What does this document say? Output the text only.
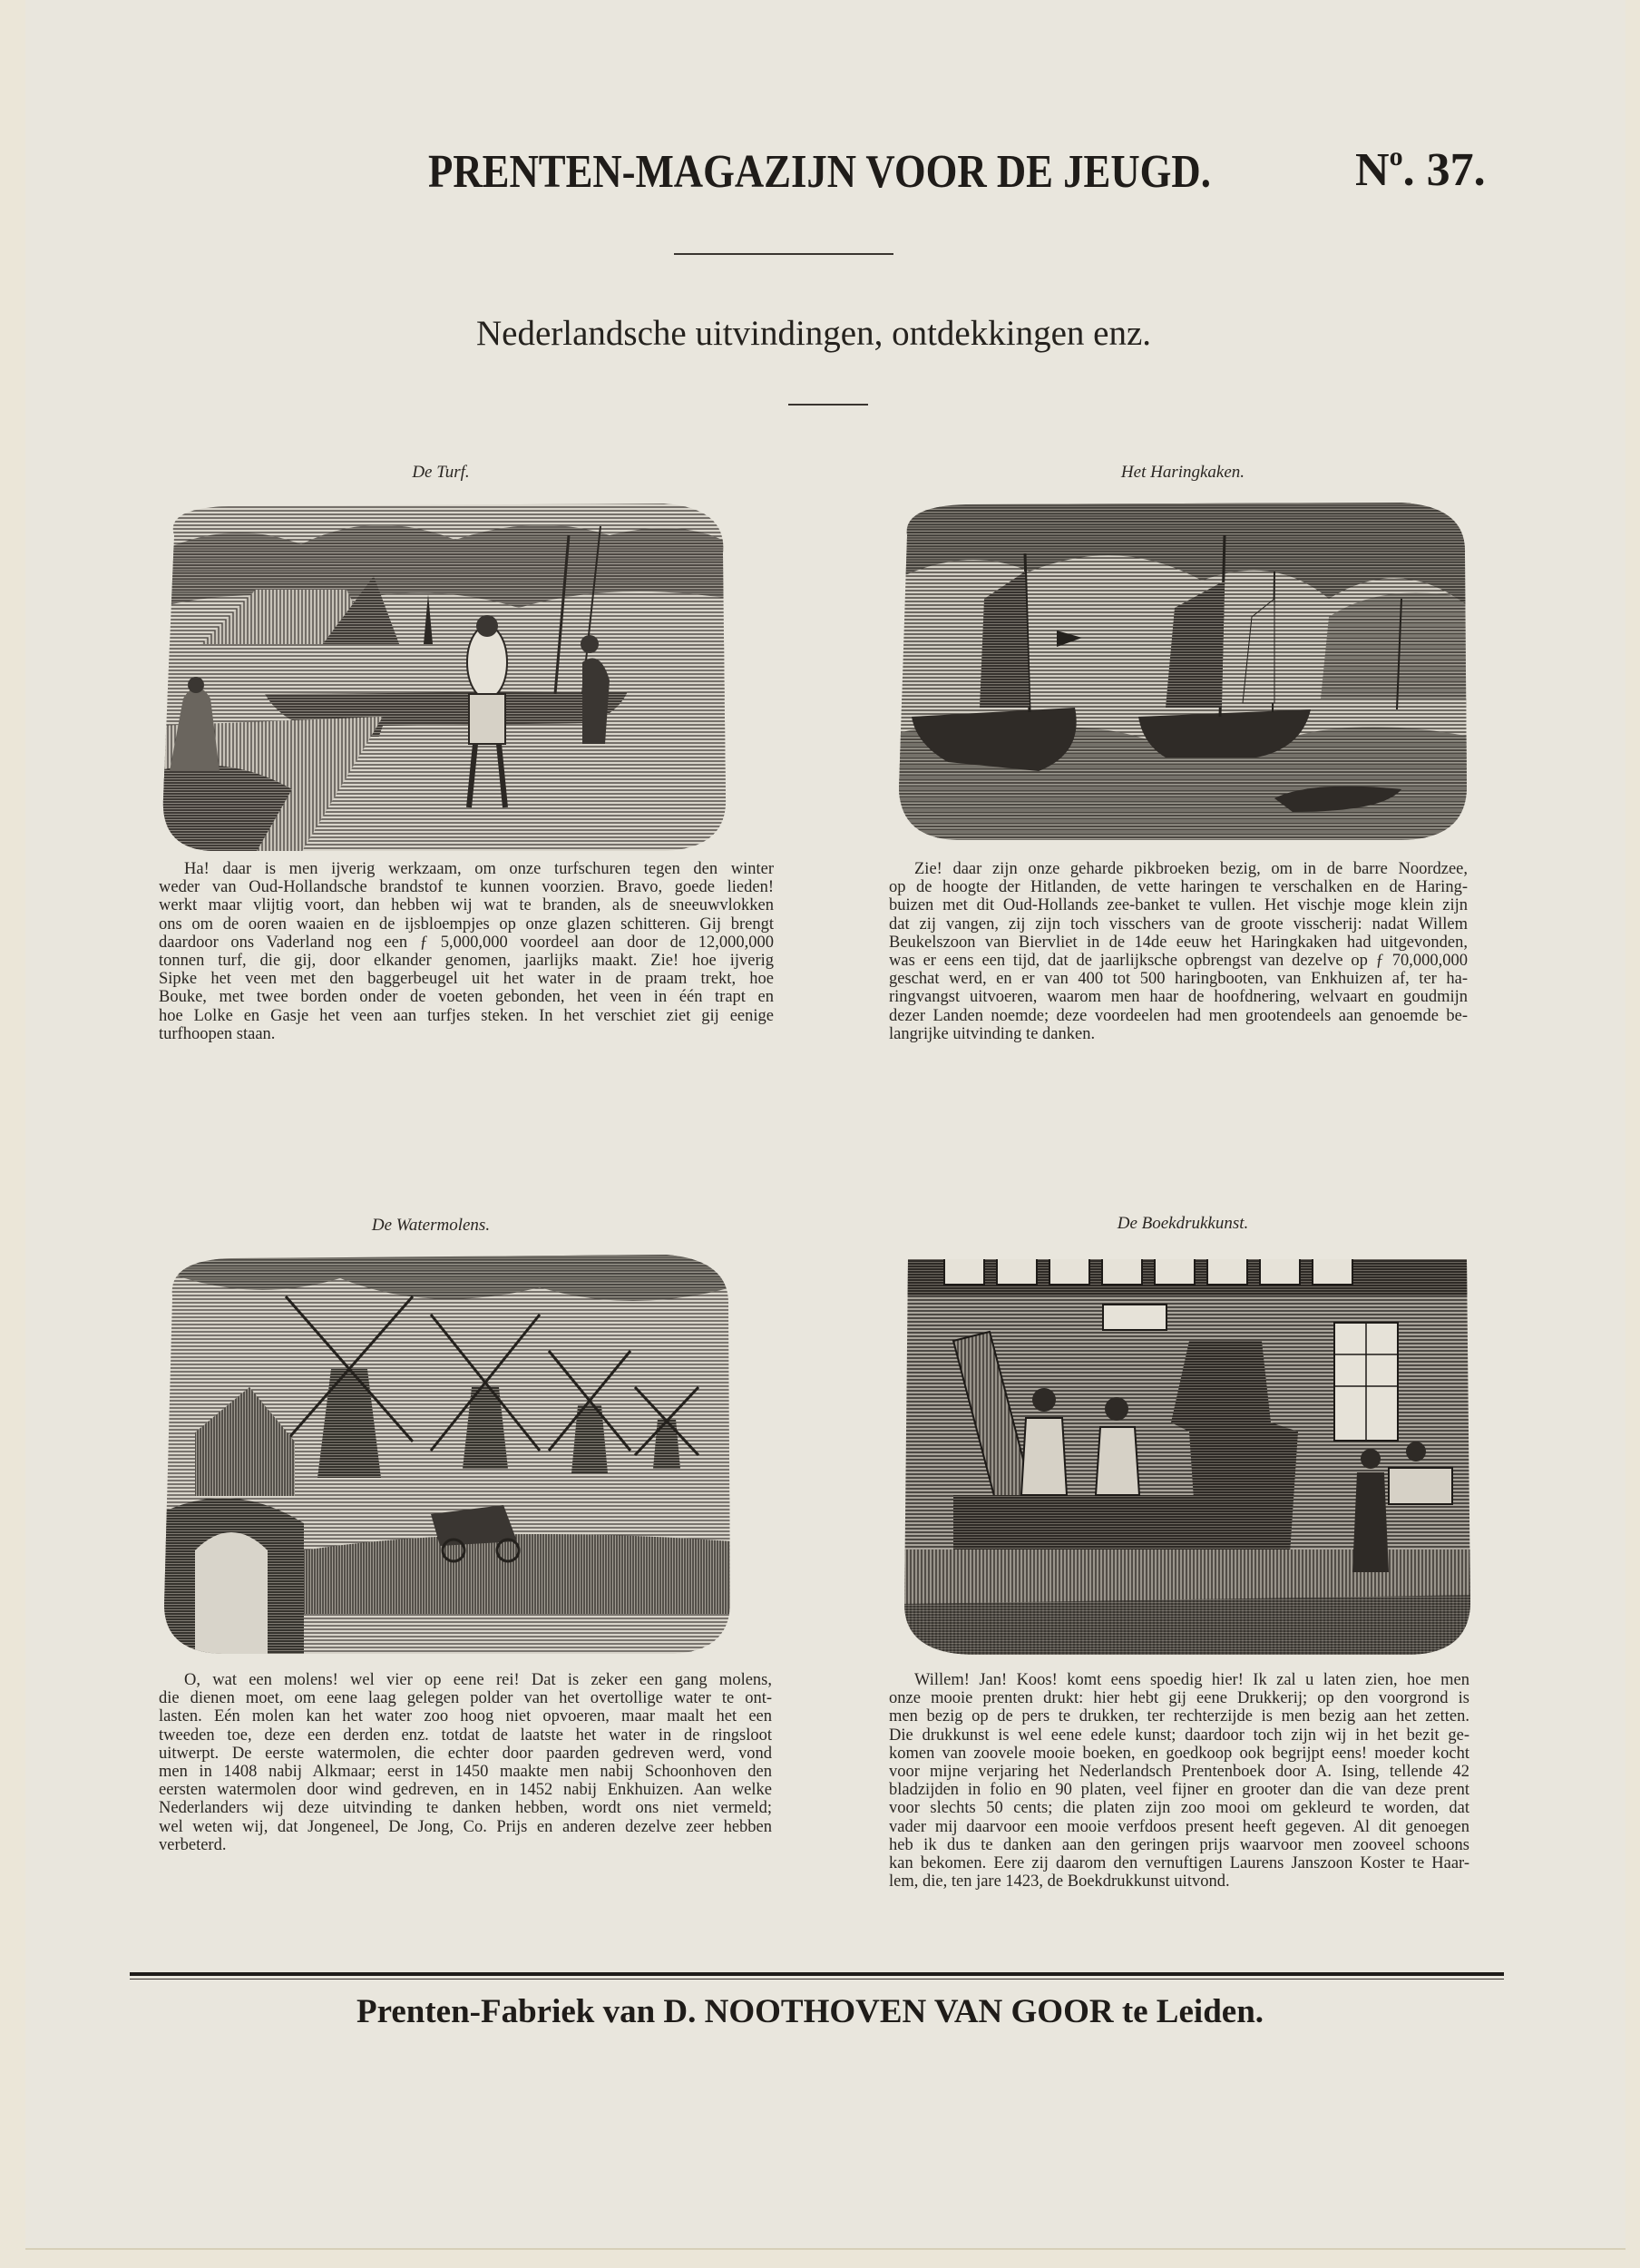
PRENTEN-MAGAZIJN VOOR DE JEUGD.	$N^o$. 37.
Nederlandsche uitvindingen, ontdekkingen enz.
De Turf.	Het Haringkaken.
De Watermolens.	De Boekdrukkunst.
Ha! daar is men ijverig werkzaam, om onze turfschuren tegen den winter
weder van Oud-Hollandsche brandstof te kunnen voorzien. Bravo, goede lieden!
werkt maar vlijtig voort, dan hebben wij wat te branden, als de sneeuwvlokken
ons om de ooren waaien en de ijsbloempjes op onze glazen schitteren. Gij brengt
daardoor ons Vaderland nog een ƒ 5,000,000 voordeel aan door de 12,000,000
tonnen turf, die gij, door elkander genomen, jaarlijks maakt. Zie! hoe ijverig
Sipke het veen met den baggerbeugel uit het water in de praam trekt, hoe
Bouke, met twee borden onder de voeten gebonden, het veen in één trapt en
hoe Lolke en Gasje het veen aan turfjes steken. In het verschiet ziet gij eenige
turfhoopen staan.
Zie! daar zijn onze geharde pikbroeken bezig, om in de barre Noordzee,
op de hoogte der Hitlanden, de vette haringen te verschalken en de Haring-
buizen met dit Oud-Hollands zee-banket te vullen. Het vischje moge klein zijn
dat zij vangen, zij zijn toch visschers van de groote visscherij: nadat Willem
Beukelszoon van Biervliet in de 14de eeuw het Haringkaken had uitgevonden,
was er eens een tijd, dat de jaarlijksche opbrengst van dezelve op ƒ 70,000,000
geschat werd, en er van 400 tot 500 haringbooten, van Enkhuizen af, ter ha-
ringvangst uitvoeren, waarom men haar de hoofdnering, welvaart en goudmijn
dezer Landen noemde; deze voordeelen had men grootendeels aan genoemde be-
langrijke uitvinding te danken.
O, wat een molens! wel vier op eene rei! Dat is zeker een gang molens,
die dienen moet, om eene laag gelegen polder van het overtollige water te ont-
lasten. Eén molen kan het water zoo hoog niet opvoeren, maar maalt het een
tweeden toe, deze een derden enz. totdat de laatste het water in de ringsloot
uitwerpt. De eerste watermolen, die echter door paarden gedreven werd, vond
men in 1408 nabij Alkmaar; eerst in 1450 maakte men nabij Schoonhoven den
eersten watermolen door wind gedreven, en in 1452 nabij Enkhuizen. Aan welke
Nederlanders wij deze uitvinding te danken hebben, wordt ons niet vermeld;
wel weten wij, dat Jongeneel, De Jong, Co. Prijs en anderen dezelve zeer hebben
verbeterd.
Willem! Jan! Koos! komt eens spoedig hier! Ik zal u laten zien, hoe men
onze mooie prenten drukt: hier hebt gij eene Drukkerij; op den voorgrond is
men bezig op de pers te drukken, ter rechterzijde is men bezig aan het zetten.
Die drukkunst is wel eene edele kunst; daardoor toch zijn wij in het bezit ge-
komen van zoovele mooie boeken, en goedkoop ook begrijpt eens! moeder kocht
voor mijne verjaring het Nederlandsch Prentenboek door A. Ising, tellende 42
bladzijden in folio en 90 platen, veel fijner en grooter dan die van deze prent
voor slechts 50 cents; die platen zijn zoo mooi om gekleurd te worden, dat
vader mij daarvoor een mooie verfdoos present heeft gegeven. Al dit genoegen
heb ik dus te danken aan den geringen prijs waarvoor men zooveel schoons
kan bekomen. Eere zij daarom den vernuftigen Laurens Janszoon Koster te Haar-
lem, die, ten jare 1423, de Boekdrukkunst uitvond.
Prenten-Fabriek van D. NOOTHOVEN VAN GOOR te Leiden.
